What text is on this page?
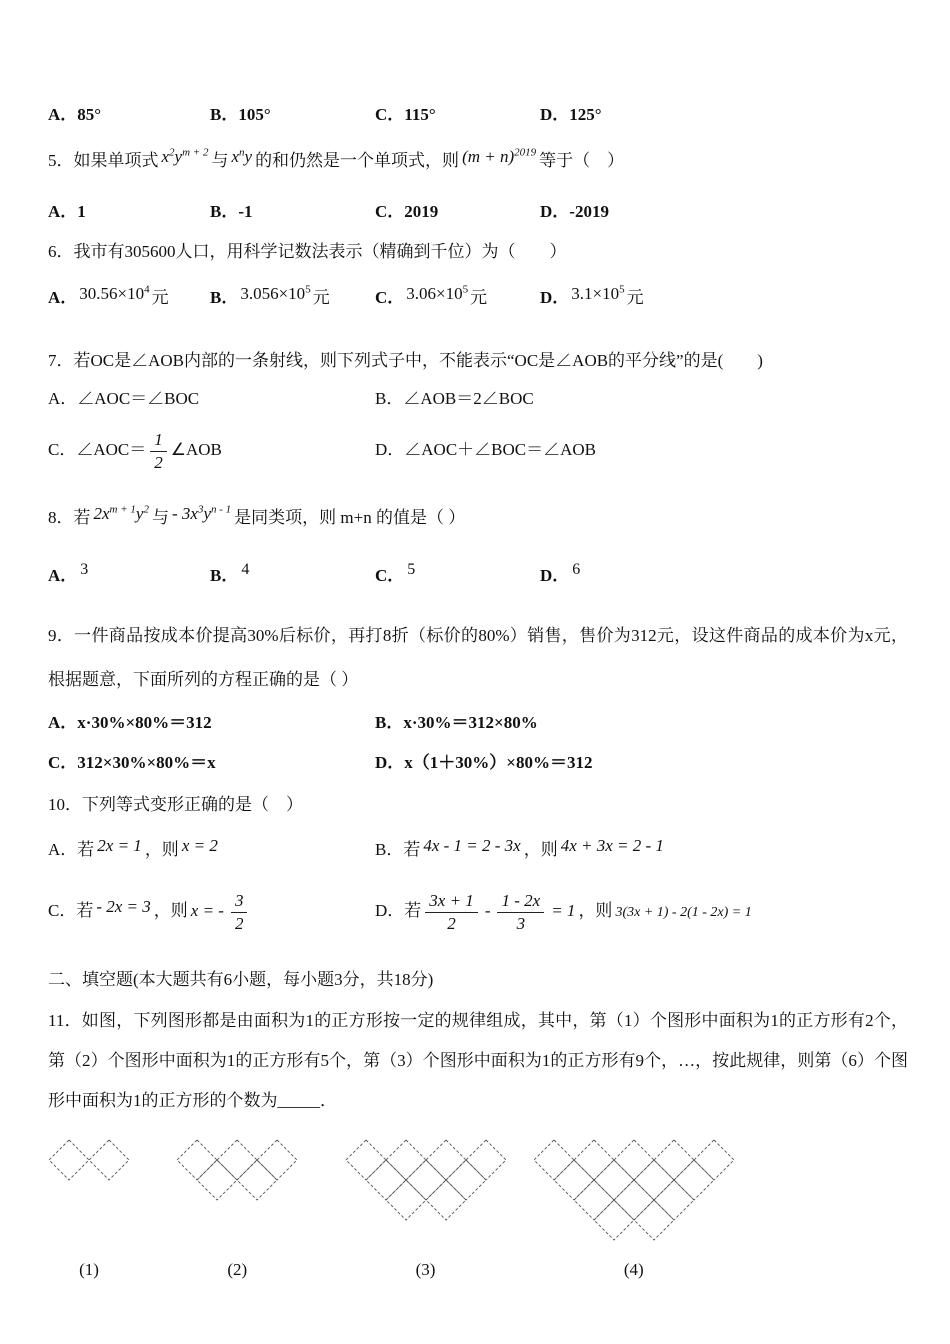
A．85°	B．105°	C．115°	D．125°
5．如果单项式 $x^2y^{m + 2}$ 与 $x^ny$ 的和仍然是一个单项式，则 $(m + n)^{2019}$ 等于（　）
A．1	B．-1	C．2019	D．-2019
6．我市有305600人口，用科学记数法表示（精确到千位）为（　　）
A． $30.56\times 10^4$ 元	B． $3.056\times 10^5$ 元	C． $3.06\times 10^5$ 元	D． $3.1\times 10^5$ 元
7．若OC是∠AOB内部的一条射线，则下列式子中，不能表示“OC是∠AOB的平分线”的是(　　)
A．∠AOC＝∠BOC	B．∠AOB＝2∠BOC
C．∠AOC＝ $\frac{1}{2}$ ∠AOB	D．∠AOC＋∠BOC＝∠AOB
8．若 $2x^{m + 1}y^2$ 与 - $3x^3y^{n - 1}$ 是同类项，则 m+n 的值是（ ）
A． 3	B． 4	C． 5	D． 6
9．一件商品按成本价提高30%后标价，再打8折（标价的80%）销售，售价为312元，设这件商品的成本价为x元，根据题意，下面所列的方程正确的是（ ）
A．x·30%×80%＝312	B．x·30%＝312×80%
C．312×30%×80%＝x	D．x（1＋30%）×80%＝312
10．下列等式变形正确的是（　）
A．若 2x = 1 ，则 x = 2	B．若 4x - 1 = 2 - 3x ，则 4x + 3x = 2 - 1
C．若 - 2x = 3 ，则 x = - $\frac{3}{2}$	D．若 $\frac{3x + 1}{2} - \frac{1 - 2x}{3} = 1$ ，则 3(3x + 1) - 2(1 - 2x) = 1
二、填空题(本大题共有6小题，每小题3分，共18分)
11．如图，下列图形都是由面积为1的正方形按一定的规律组成，其中，第（1）个图形中面积为1的正方形有2个，第（2）个图形中面积为1的正方形有5个，第（3）个图形中面积为1的正方形有9个，…，按此规律，则第（6）个图形中面积为1的正方形的个数为_____．
(1)
	(2)
	(3)
	(4)
